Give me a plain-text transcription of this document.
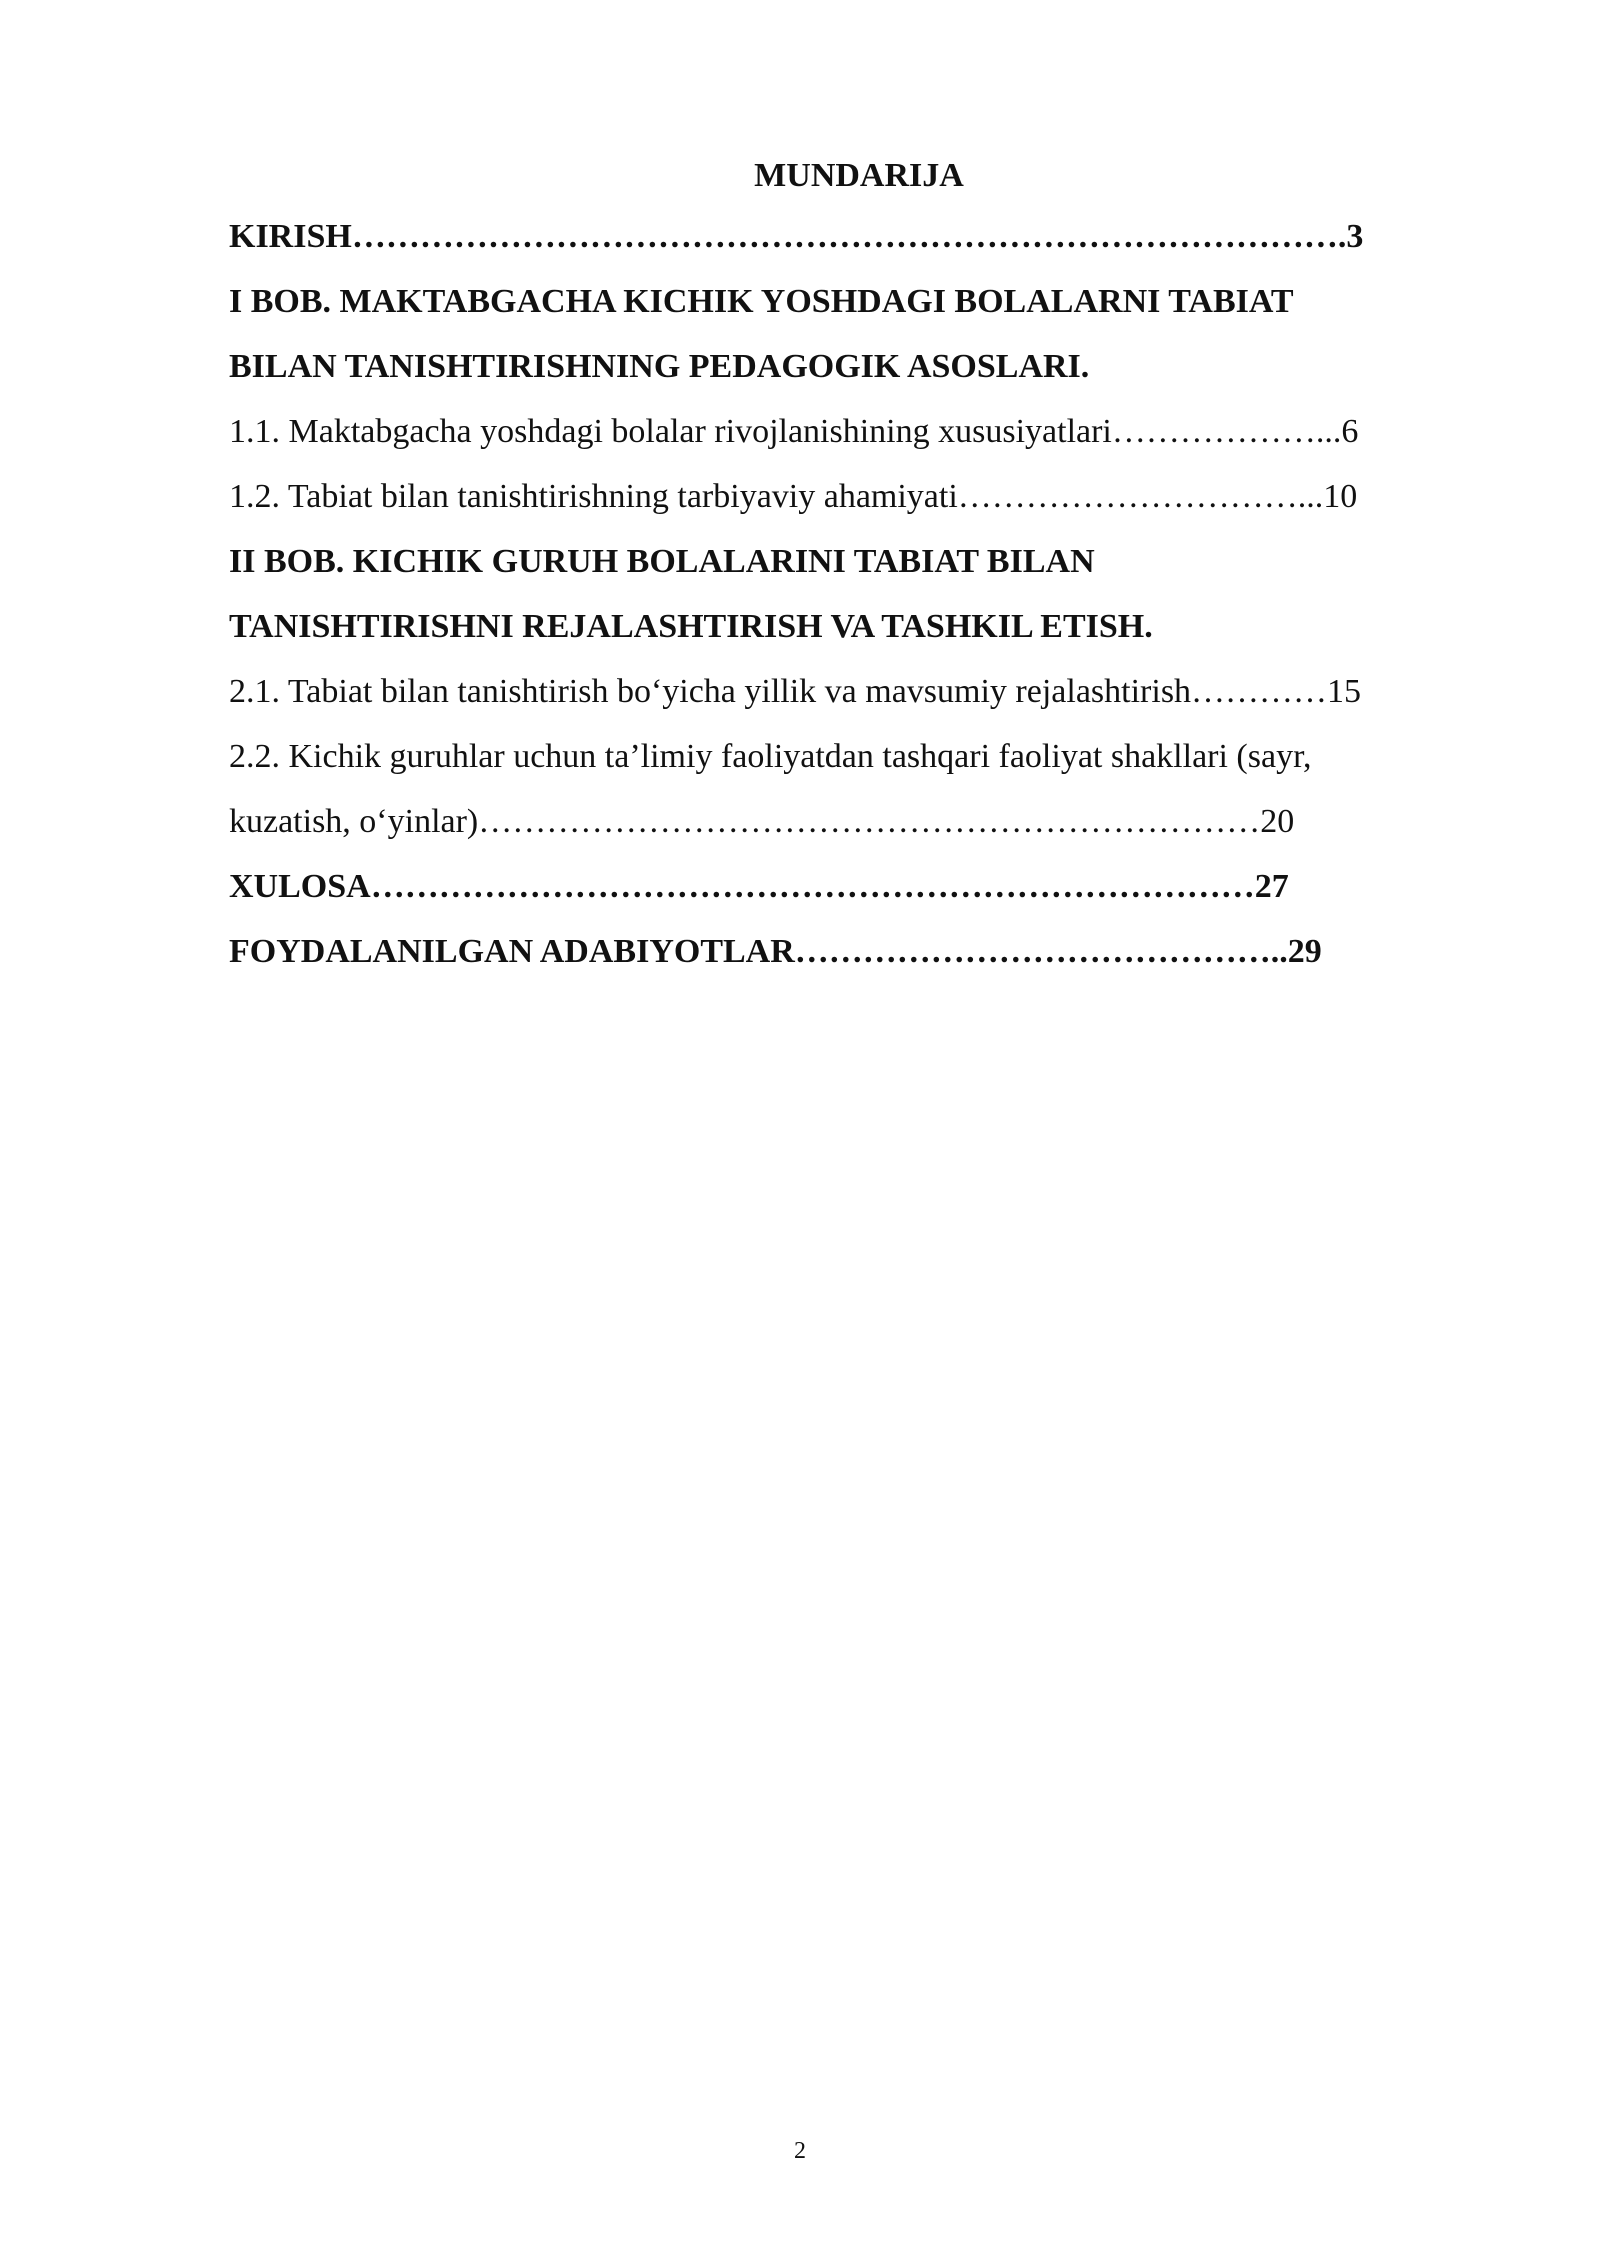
MUNDARIJA

KIRISH…………………………………………………………………………….3

I BOB. MAKTABGACHA KICHIK YOSHDAGI BOLALARNI TABIAT

BILAN TANISHTIRISHNING PEDAGOGIK ASOSLARI.

1.1. Maktabgacha yoshdagi bolalar rivojlanishining xususiyatlari………………...6

1.2. Tabiat bilan tanishtirishning tarbiyaviy ahamiyati…………………………...10

II BOB. KICHIK GURUH BOLALARINI TABIAT BILAN

TANISHTIRISHNI REJALASHTIRISH VA TASHKIL ETISH.

2.1. Tabiat bilan tanishtirish bo‘yicha yillik va mavsumiy rejalashtirish…………15

2.2. Kichik guruhlar uchun ta’limiy faoliyatdan tashqari faoliyat shakllari (sayr,

kuzatish, o‘yinlar)……………………………………………………………20

XULOSA……………………………………………………………………27

FOYDALANILGAN ADABIYOTLAR……………………………………..29

2
